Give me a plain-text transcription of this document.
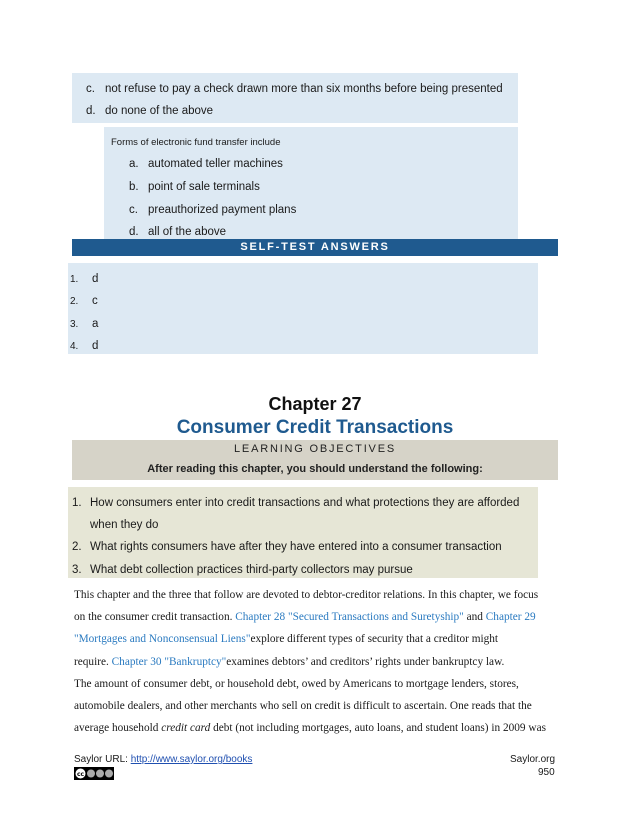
c. not refuse to pay a check drawn more than six months before being presented
d. do none of the above
Forms of electronic fund transfer include
a. automated teller machines
b. point of sale terminals
c. preauthorized payment plans
d. all of the above
SELF-TEST ANSWERS
1. d
2. c
3. a
4. d
Chapter 27
Consumer Credit Transactions
LEARNING OBJECTIVES
After reading this chapter, you should understand the following:
1. How consumers enter into credit transactions and what protections they are afforded
when they do
2. What rights consumers have after they have entered into a consumer transaction
3. What debt collection practices third-party collectors may pursue
This chapter and the three that follow are devoted to debtor-creditor relations. In this chapter, we focus
on the consumer credit transaction. Chapter 28 "Secured Transactions and Suretyship" and Chapter 29
"Mortgages and Nonconsensual Liens"explore different types of security that a creditor might
require. Chapter 30 "Bankruptcy"examines debtors’ and creditors’ rights under bankruptcy law.
The amount of consumer debt, or household debt, owed by Americans to mortgage lenders, stores,
automobile dealers, and other merchants who sell on credit is difficult to ascertain. One reads that the
average household credit card debt (not including mortgages, auto loans, and student loans) in 2009 was
Saylor URL: http://www.saylor.org/books
cc
Saylor.org
950
